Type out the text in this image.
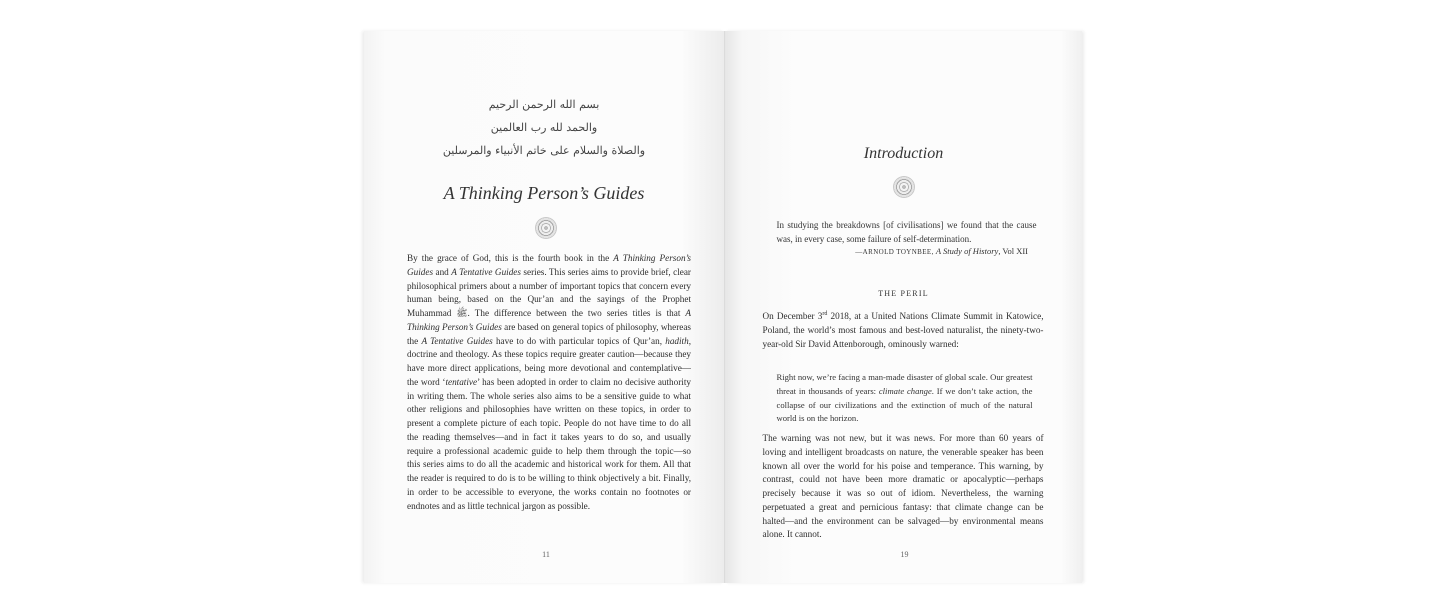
بسم الله الرحمن الرحيم
والحمد لله رب العالمين
والصلاة والسلام على خاتم الأنبياء والمرسلين
A Thinking Person’s Guides

By the grace of God, this is the fourth book in the A Thinking Person’s Guides and A Tentative Guides series. This series aims to provide brief, clear philosophical primers about a number of important topics that concern every human being, based on the Qur’an and the sayings of the Prophet Muhammad ﷺ. The difference between the two series titles is that A Thinking Person’s Guides are based on general topics of philosophy, whereas the A Tentative Guides have to do with particular topics of Qur’an, hadith, doctrine and theology. As these topics require greater caution—because they have more direct applications, being more devotional and contemplative—the word ‘tentative’ has been adopted in order to claim no decisive authority in writing them. The whole series also aims to be a sensitive guide to what other religions and philosophies have written on these topics, in order to present a complete picture of each topic. People do not have time to do all the reading themselves—and in fact it takes years to do so, and usually require a professional academic guide to help them through the topic—so this series aims to do all the academic and historical work for them. All that the reader is required to do is to be willing to think objectively a bit. Finally, in order to be accessible to everyone, the works contain no footnotes or endnotes and as little technical jargon as possible.

11
Introduction
In studying the breakdowns [of civilisations] we found that the cause was, in every case, some failure of self-determination.
—ARNOLD TOYNBEE, A Study of History, Vol XII
THE PERIL
On December 3rd 2018, at a United Nations Climate Summit in Katowice, Poland, the world’s most famous and best-loved naturalist, the ninety-two-year-old Sir David Attenborough, ominously warned:
Right now, we’re facing a man-made disaster of global scale. Our greatest threat in thousands of years: climate change. If we don’t take action, the collapse of our civilizations and the extinction of much of the natural world is on the horizon.
The warning was not new, but it was news. For more than 60 years of loving and intelligent broadcasts on nature, the venerable speaker has been known all over the world for his poise and temperance. This warning, by contrast, could not have been more dramatic or apocalyptic—perhaps precisely because it was so out of idiom. Nevertheless, the warning perpetuated a great and pernicious fantasy: that climate change can be halted—and the environment can be salvaged—by environmental means alone. It cannot.
19
